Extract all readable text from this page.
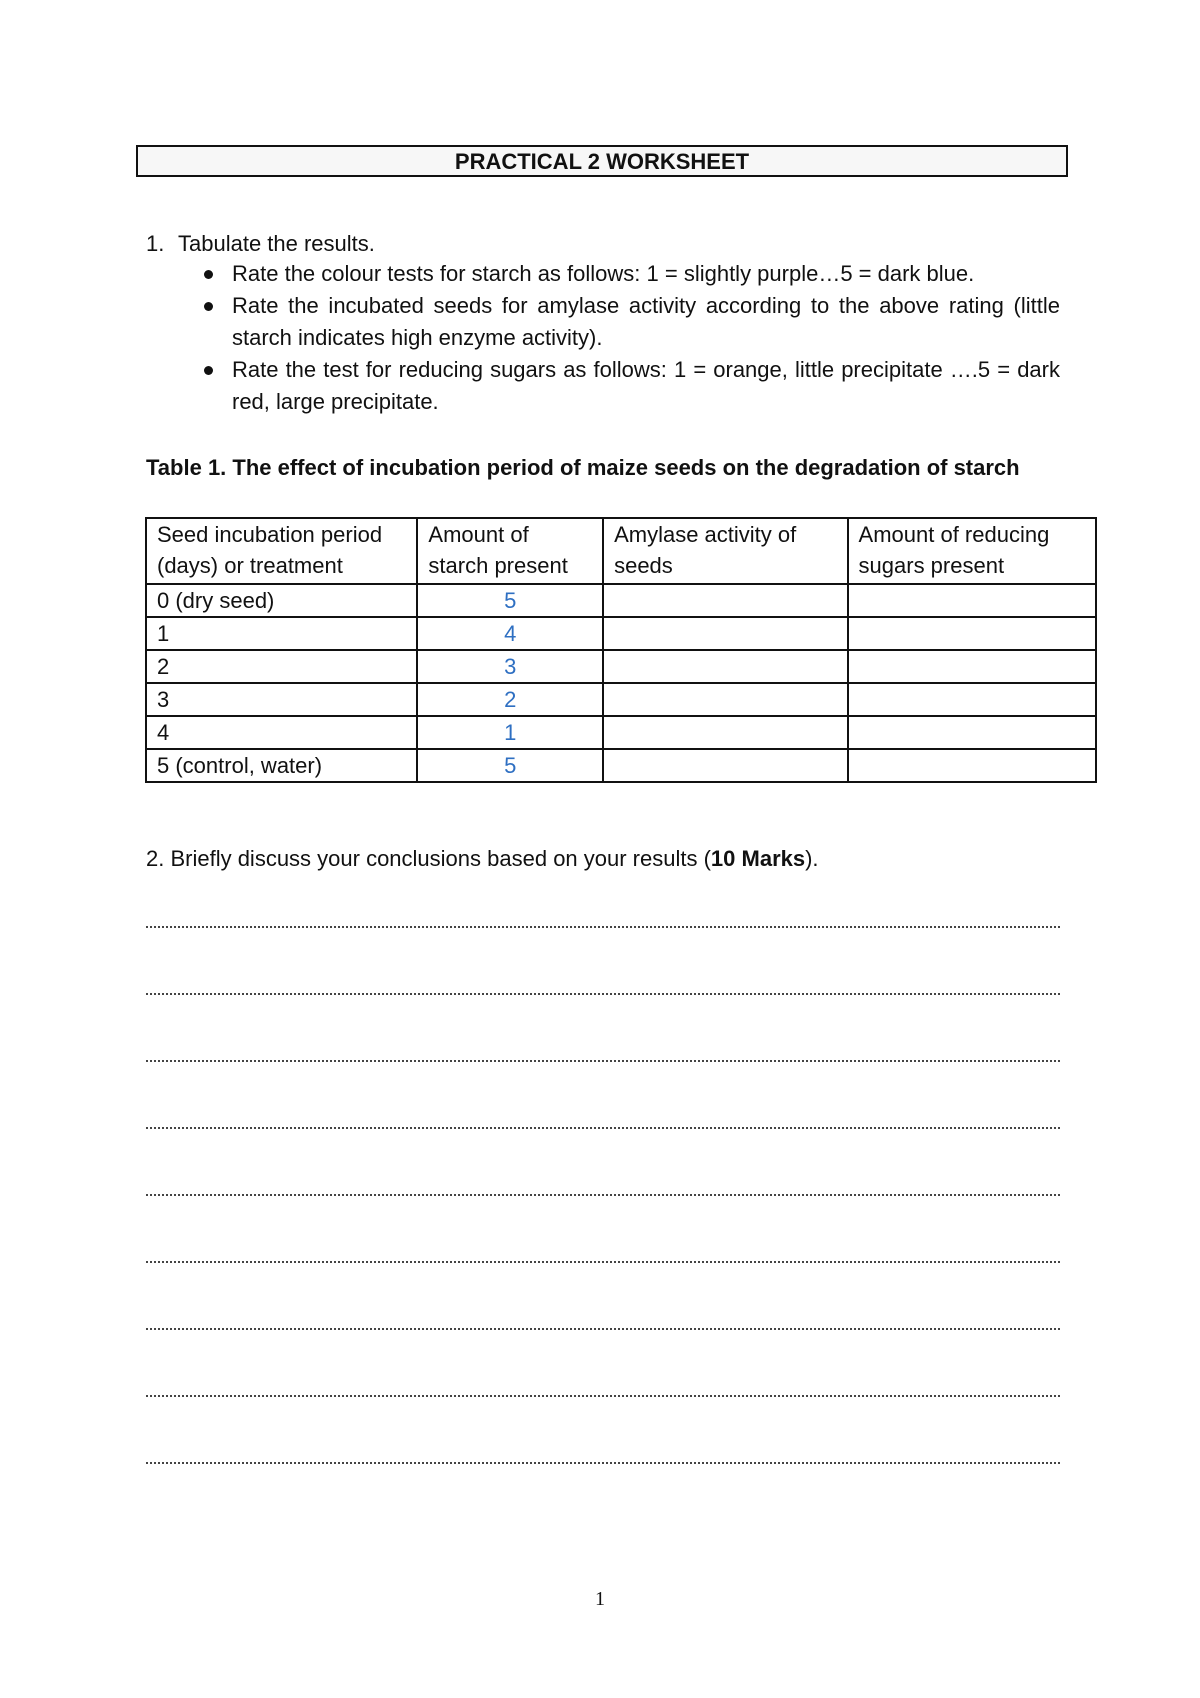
PRACTICAL 2 WORKSHEET
1. Tabulate the results.
Rate the colour tests for starch as follows: 1 = slightly purple…5 = dark blue.
Rate the incubated seeds for amylase activity according to the above rating (little starch indicates high enzyme activity).
Rate the test for reducing sugars as follows: 1 = orange, little precipitate ….5 = dark red, large precipitate.
Table 1. The effect of incubation period of maize seeds on the degradation of starch
Seed incubation period (days) or treatment	Amount of starch present	Amylase activity of seeds	Amount of reducing sugars present
0 (dry seed)	5		
1	4		
2	3		
3	2		
4	1		
5 (control, water)	5		
2. Briefly discuss your conclusions based on your results (10 Marks).
1
